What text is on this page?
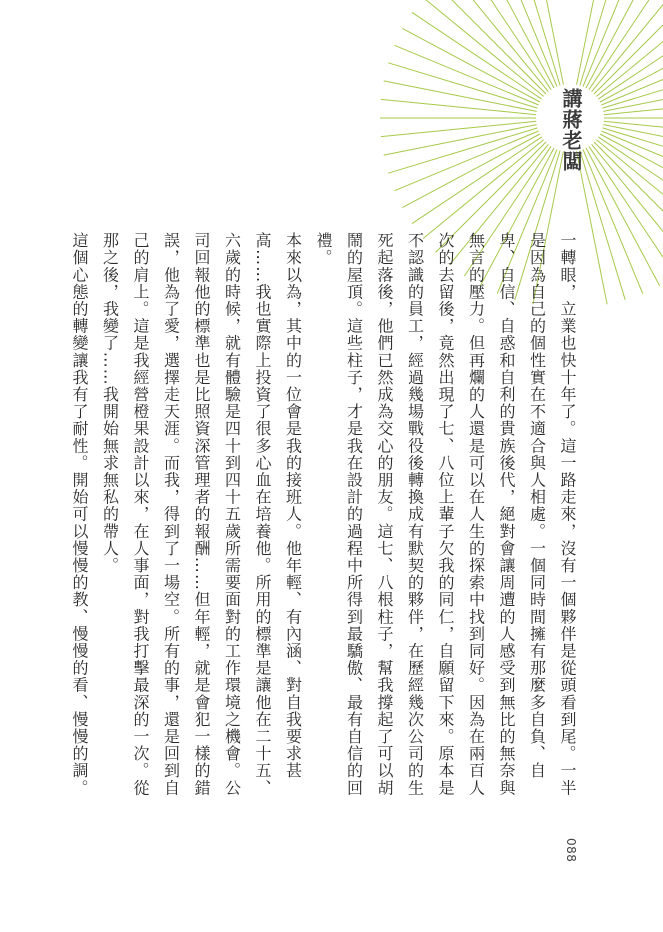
講蔣老闆

一轉眼，立業也快十年了。這一路走來，沒有一個夥伴是從頭看到尾。一半是因為自己的個性實在不適合與人相處。一個同時間擁有那麼多自負、自卑、自信、自惑和自利的貴族後代，絕對會讓周遭的人感受到無比的無奈與無言的壓力。但再爛的人還是可以在人生的探索中找到同好。因為在兩百人次的去留後，竟然出現了七、八位上輩子欠我的同仁，自願留下來。原本是不認識的員工，經過幾場戰役後轉換成有默契的夥伴，在歷經幾次公司的生死起落後，他們已然成為交心的朋友。這七、八根柱子，幫我撐起了可以胡鬧的屋頂。這些柱子，才是我在設計的過程中所得到最驕傲、最有自信的回禮。

本來以為，其中的一位會是我的接班人。他年輕、有內涵、對自我要求甚高……我也實際上投資了很多心血在培養他。所用的標準是讓他在二十五、六歲的時候，就有體驗是四十到四十五歲所需要面對的工作環境之機會。公司回報他的標準也是比照資深管理者的報酬……但年輕，就是會犯一樣的錯誤，他為了愛，選擇走天涯。而我，得到了一場空。所有的事，還是回到自己的肩上。這是我經營橙果設計以來，在人事面，對我打擊最深的一次。從那之後，我變了……我開始無求無私的帶人。

這個心態的轉變讓我有了耐性。開始可以慢慢的教、慢慢的看、慢慢的調。

088
